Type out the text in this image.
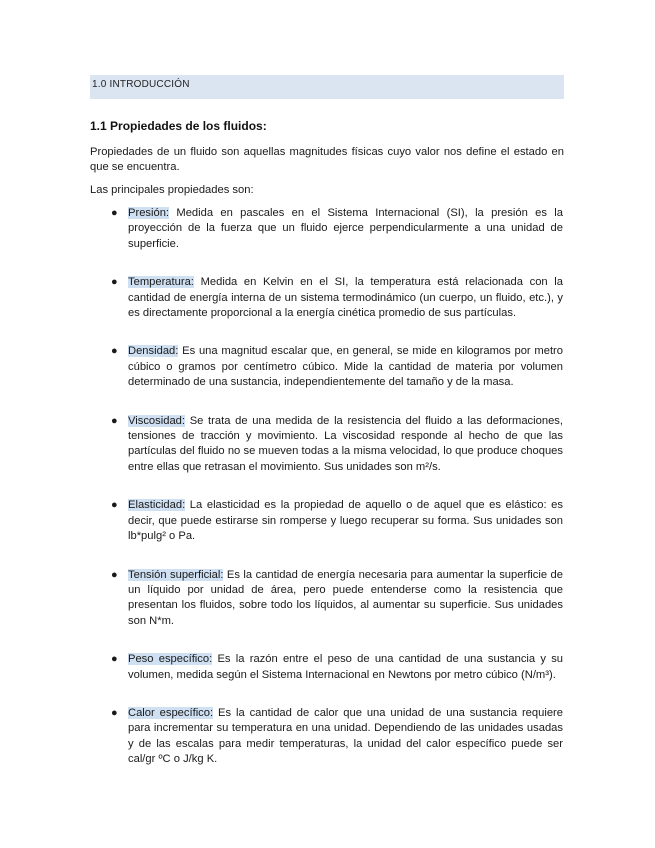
1.0 INTRODUCCIÓN
1.1 Propiedades de los fluidos:
Propiedades de un fluido son aquellas magnitudes físicas cuyo valor nos define el estado en que se encuentra.
Las principales propiedades son:
● Presión: Medida en pascales en el Sistema Internacional (SI), la presión es la proyección de la fuerza que un fluido ejerce perpendicularmente a una unidad de superficie.
● Temperatura: Medida en Kelvin en el SI, la temperatura está relacionada con la cantidad de energía interna de un sistema termodinámico (un cuerpo, un fluido, etc.), y es directamente proporcional a la energía cinética promedio de sus partículas.
● Densidad: Es una magnitud escalar que, en general, se mide en kilogramos por metro cúbico o gramos por centímetro cúbico. Mide la cantidad de materia por volumen determinado de una sustancia, independientemente del tamaño y de la masa.
● Viscosidad: Se trata de una medida de la resistencia del fluido a las deformaciones, tensiones de tracción y movimiento. La viscosidad responde al hecho de que las partículas del fluido no se mueven todas a la misma velocidad, lo que produce choques entre ellas que retrasan el movimiento. Sus unidades son m²/s.
● Elasticidad: La elasticidad es la propiedad de aquello o de aquel que es elástico: es decir, que puede estirarse sin romperse y luego recuperar su forma. Sus unidades son lb*pulg² o Pa.
● Tensión superficial: Es la cantidad de energía necesaria para aumentar la superficie de un líquido por unidad de área, pero puede entenderse como la resistencia que presentan los fluidos, sobre todo los líquidos, al aumentar su superficie. Sus unidades son N*m.
● Peso específico: Es la razón entre el peso de una cantidad de una sustancia y su volumen, medida según el Sistema Internacional en Newtons por metro cúbico (N/m³).
● Calor específico: Es la cantidad de calor que una unidad de una sustancia requiere para incrementar su temperatura en una unidad. Dependiendo de las unidades usadas y de las escalas para medir temperaturas, la unidad del calor específico puede ser cal/gr ºC o J/kg K.
